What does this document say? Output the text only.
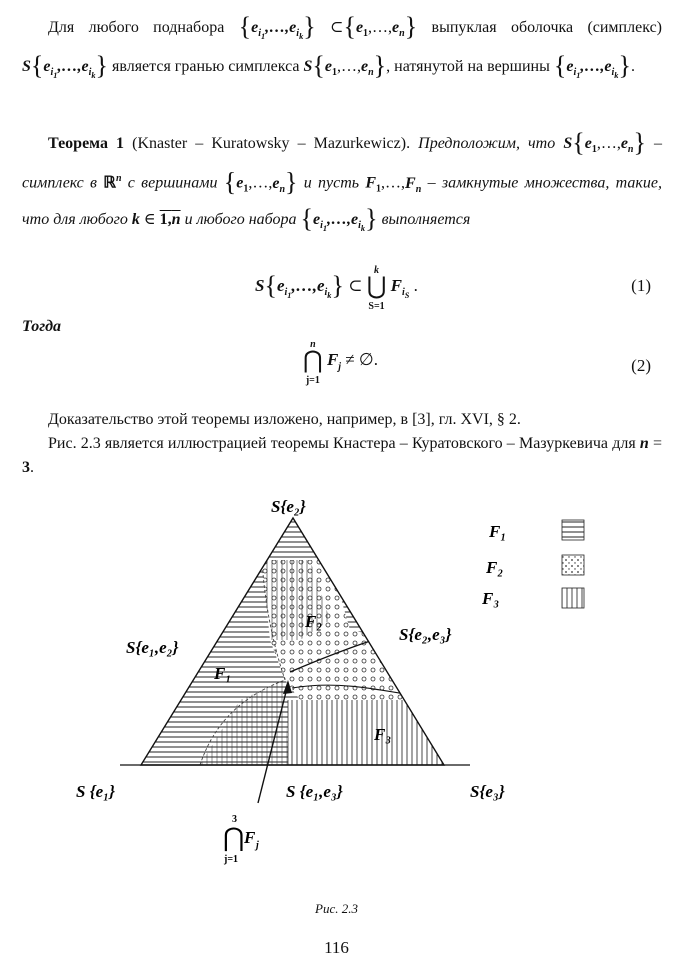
Для любого поднабора $\{e_{i_1},\dots,e_{i_k}\}$ $\subset\{e_1,\dots,e_n\}$ выпуклая оболочка (симплекс) $S\{e_{i_1},\dots,e_{i_k}\}$ является гранью симплекса $S\{e_1,\dots,e_n\}$, натянутой на вершины $\{e_{i_1},\dots,e_{i_k}\}$.
Теорема 1 (Knaster – Kuratowsky – Mazurkewicz). Предположим, что $S\{e_1,\dots,e_n\}$ – симплекс в ℝ$^n$ с вершинами $\{e_1,\dots,e_n\}$ и пусть $F_1,\dots,F_n$ – замкнутые множества, такие, что для любого k ∈ 1,n и любого набора $\{e_{i_1},\dots,e_{i_k}\}$ выполняется
$S\{e_{i_1},\dots,e_{i_k}\}$ ⊂ k
⋃
S=1 $F_{i_S}$ .	(1)
Тогда
n
⋂
j=1 $F_j$ ≠ ∅.	(2)
Доказательство этой теоремы изложено, например, в [3], гл. XVI, § 2.
Рис. 2.3 является иллюстрацией теоремы Кнастера – Куратовского – Мазуркевича для n = 3.
S{e₂}
S{e₁,e₂}
S{e₂,e₃}
S {e₁}	S {e₁,e₃}	S{e₃}
F₁
F₂
F₃
F₁
F₂
F₃
3
⋂ F j
j=1
Рис. 2.3
116
